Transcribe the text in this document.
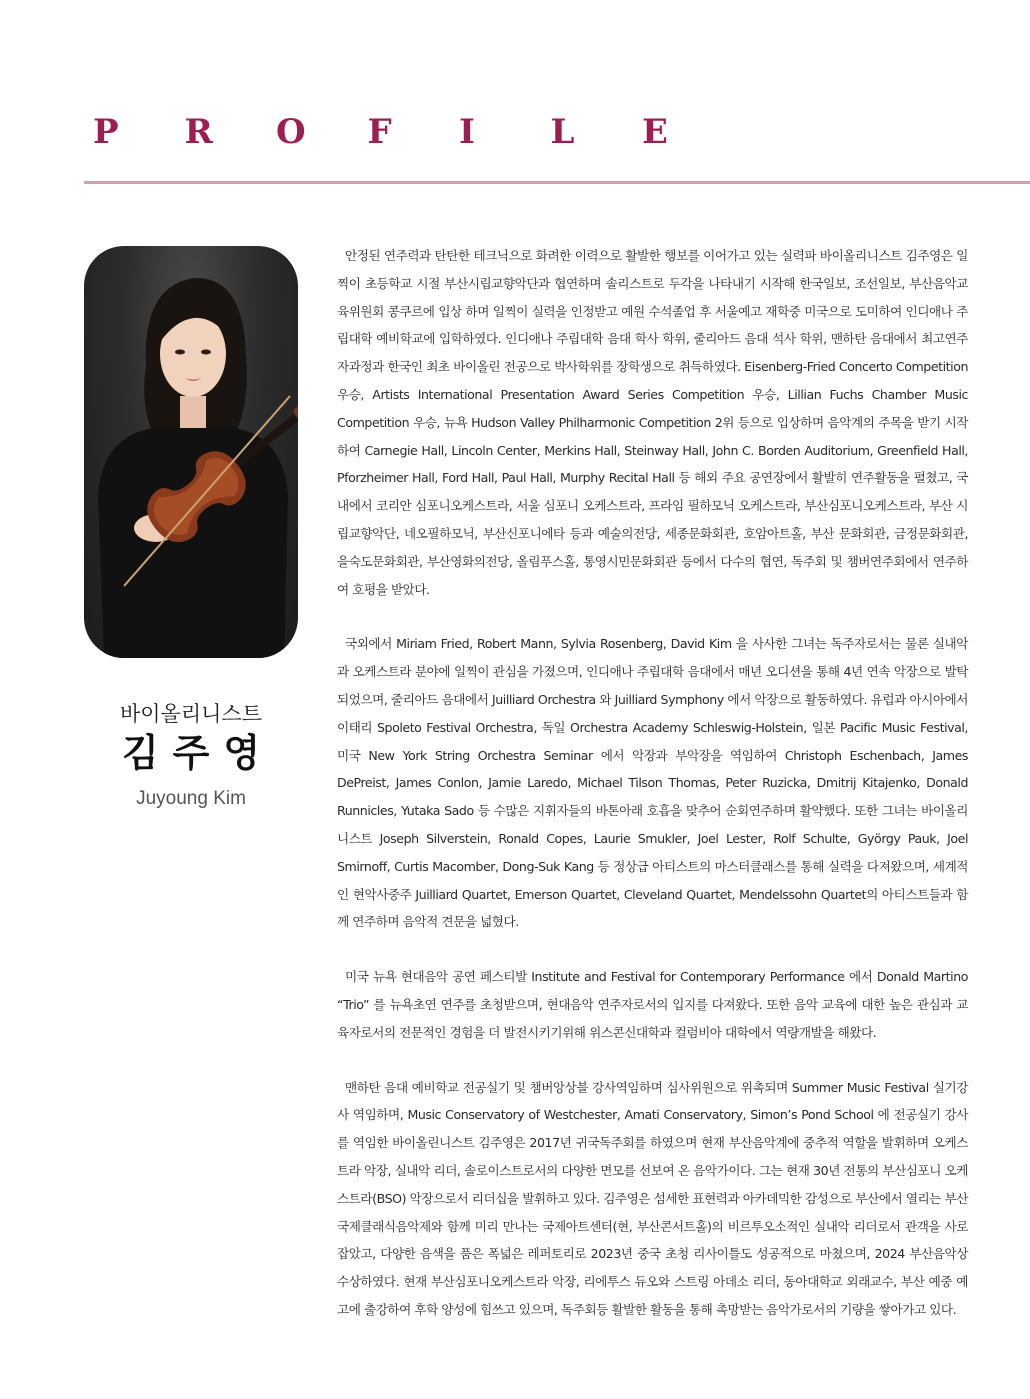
P	R	O	F	I	L	E
바이올리니스트
김주영
Juyoung Kim

안정된 연주력과 탄탄한 테크닉으로 화려한 이력으로 활발한 행보를 이어가고 있는 실력파 바이올리니스트 김주영은 일찍이 초등학교 시절 부산시립교향악단과 협연하며 솔리스트로 두각을 나타내기 시작해 한국일보, 조선일보, 부산음악교육위원회 콩쿠르에 입상 하며 일찍이 실력을 인정받고 예원 수석졸업 후 서울예고 재학중 미국으로 도미하여 인디애나 주립대학 예비학교에 입학하였다. 인디애나 주립대학 음대 학사 학위, 줄리아드 음대 석사 학위, 맨하탄 음대에서 최고연주자과정과 한국인 최초 바이올린 전공으로 박사학위를 장학생으로 취득하였다. Eisenberg-Fried Concerto Competition 우승, Artists International Presentation Award Series Competition 우승, Lillian Fuchs Chamber Music Competition 우승, 뉴욕 Hudson Valley Philharmonic Competition 2위 등으로 입상하며 음악계의 주목을 받기 시작하여 Carnegie Hall, Lincoln Center, Merkins Hall, Steinway Hall, John C. Borden Auditorium, Greenfield Hall, Pforzheimer Hall, Ford Hall, Paul Hall, Murphy Recital Hall 등 해외 주요 공연장에서 활발히 연주활동을 펼쳤고, 국내에서 코리안 심포니오케스트라, 서울 심포니 오케스트라, 프라임 필하모닉 오케스트라, 부산심포니오케스트라, 부산 시립교향악단, 네오필하모닉, 부산신포니에타 등과 예술의전당, 세종문화회관, 호암아트홀, 부산 문화회관, 금정문화회관, 을숙도문화회관, 부산영화의전당, 올림푸스홀, 통영시민문화회관 등에서 다수의 협연, 독주회 및 챔버연주회에서 연주하여 호평을 받았다.

국외에서 Miriam Fried, Robert Mann, Sylvia Rosenberg, David Kim 을 사사한 그녀는 독주자로서는 물론 실내악과 오케스트라 분야에 일찍이 관심을 가졌으며, 인디애나 주립대학 음대에서 매년 오디션을 통해 4년 연속 악장으로 발탁되었으며, 줄리아드 음대에서 Juilliard Orchestra 와 Juilliard Symphony 에서 악장으로 활동하였다. 유럽과 아시아에서 이태리 Spoleto Festival Orchestra, 독일 Orchestra Academy Schleswig-Holstein, 일본 Pacific Music Festival, 미국 New York String Orchestra Seminar 에서 악장과 부악장을 역임하여 Christoph Eschenbach, James DePreist, James Conlon, Jamie Laredo, Michael Tilson Thomas, Peter Ruzicka, Dmitrij Kitajenko, Donald Runnicles, Yutaka Sado 등 수많은 지휘자들의 바톤아래 호흡을 맞추어 순회연주하며 활약했다. 또한 그녀는 바이올리니스트 Joseph Silverstein, Ronald Copes, Laurie Smukler, Joel Lester, Rolf Schulte, György Pauk, Joel Smirnoff, Curtis Macomber, Dong-Suk Kang 등 정상급 아티스트의 마스터클래스를 통해 실력을 다져왔으며, 세계적인 현악사중주 Juilliard Quartet, Emerson Quartet, Cleveland Quartet, Mendelssohn Quartet의 아티스트들과 함께 연주하며 음악적 견문을 넓혔다.

미국 뉴욕 현대음악 공연 페스티발 Institute and Festival for Contemporary Performance 에서 Donald Martino “Trio” 를 뉴욕초연 연주를 초청받으며, 현대음악 연주자로서의 입지를 다져왔다. 또한 음악 교육에 대한 높은 관심과 교육자로서의 전문적인 경험을 더 발전시키기위해 위스콘신대학과 컬럼비아 대학에서 역량개발을 해왔다.

맨하탄 음대 예비학교 전공실기 및 챔버앙상블 강사역임하며 심사위원으로 위촉되며 Summer Music Festival 실기강사 역임하며, Music Conservatory of Westchester, Amati Conservatory, Simon’s Pond School 에 전공실기 강사를 역임한 바이올린니스트 김주영은 2017년 귀국독주회를 하였으며 현재 부산음악계에 중추적 역할을 발휘하며 오케스트라 악장, 실내악 리더, 솔로이스트로서의 다양한 면모를 선보여 온 음악가이다. 그는 현재 30년 전통의 부산심포니 오케스트라(BSO) 악장으로서 리더십을 발휘하고 있다. 김주영은 섬세한 표현력과 아카데믹한 감성으로 부산에서 열리는 부산국제클래식음악제와 함께 미리 만나는 국제아트센터(현, 부산콘서트홀)의 비르투오소적인 실내악 리더로서 관객을 사로잡았고, 다양한 음색을 품은 폭넓은 레퍼토리로 2023년 중국 초청 리사이틀도 성공적으로 마쳤으며, 2024 부산음악상 수상하였다. 현재 부산심포니오케스트라 악장, 리에투스 듀오와 스트링 아데소 리더, 동아대학교 외래교수, 부산 예중 예고에 출강하여 후학 양성에 힘쓰고 있으며, 독주회등 활발한 활동을 통해 촉망받는 음악가로서의 기량을 쌓아가고 있다.
